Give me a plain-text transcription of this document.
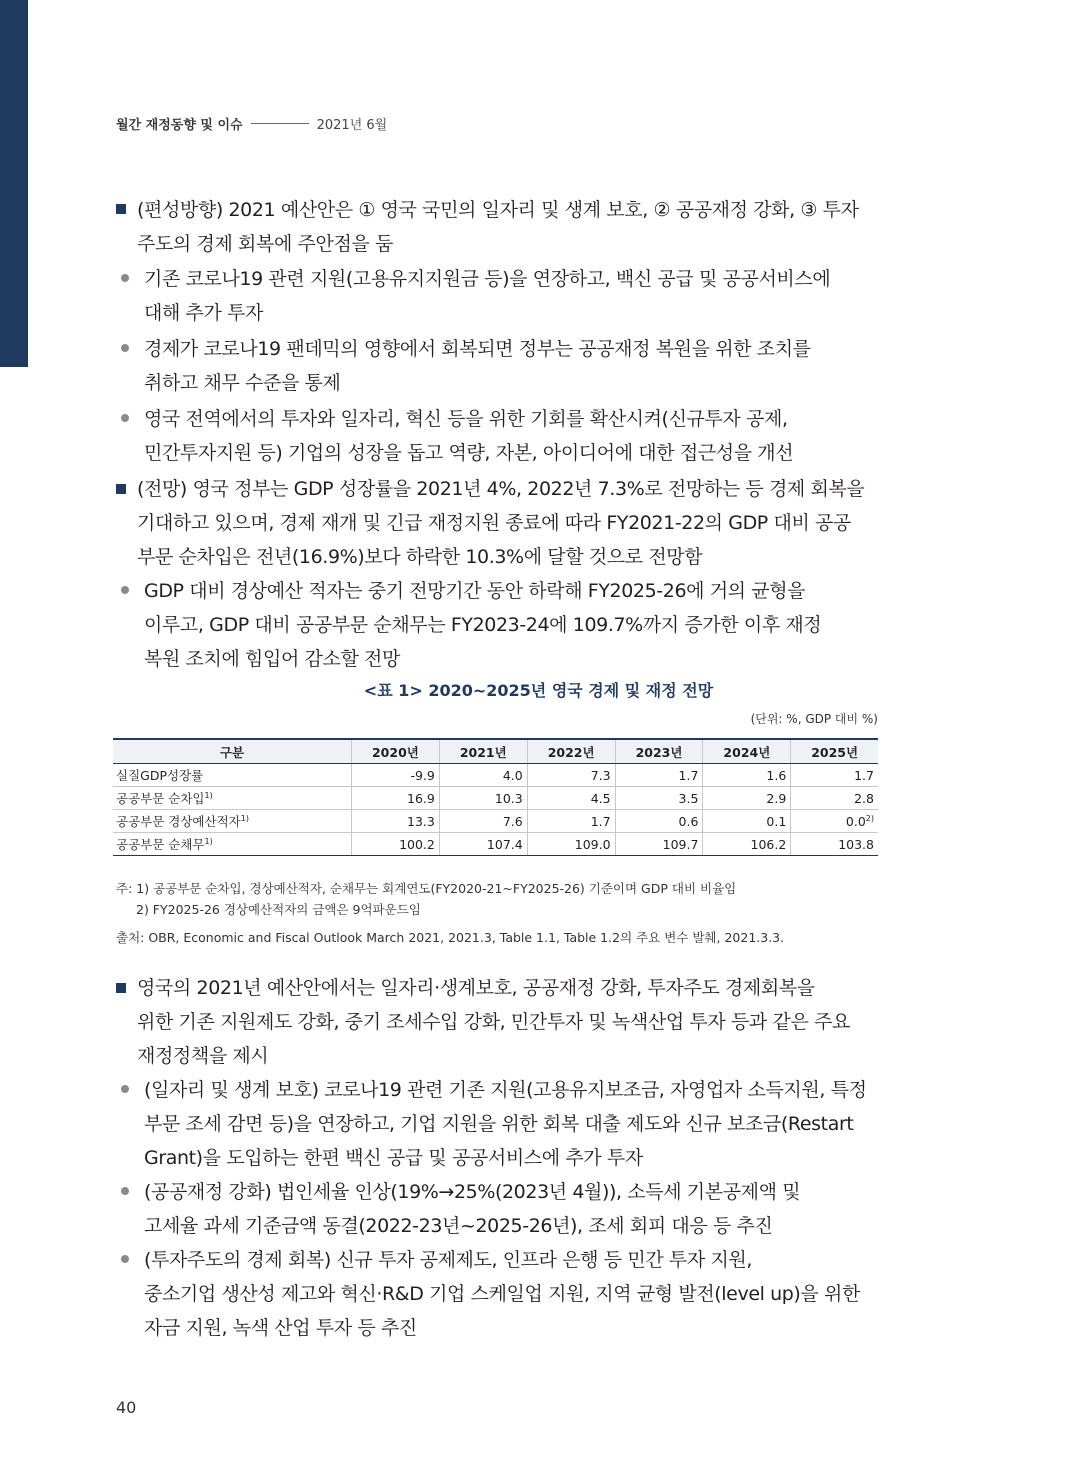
월간 재정동향 및 이슈	2021년 6월
(편성방향) 2021 예산안은 ① 영국 국민의 일자리 및 생계 보호, ② 공공재정 강화, ③ 투자
주도의 경제 회복에 주안점을 둠
기존 코로나19 관련 지원(고용유지지원금 등)을 연장하고, 백신 공급 및 공공서비스에
대해 추가 투자
경제가 코로나19 팬데믹의 영향에서 회복되면 정부는 공공재정 복원을 위한 조치를
취하고 채무 수준을 통제
영국 전역에서의 투자와 일자리, 혁신 등을 위한 기회를 확산시켜(신규투자 공제,
민간투자지원 등) 기업의 성장을 돕고 역량, 자본, 아이디어에 대한 접근성을 개선
(전망) 영국 정부는 GDP 성장률을 2021년 4%, 2022년 7.3%로 전망하는 등 경제 회복을
기대하고 있으며, 경제 재개 및 긴급 재정지원 종료에 따라 FY2021-22의 GDP 대비 공공
부문 순차입은 전년(16.9%)보다 하락한 10.3%에 달할 것으로 전망함
GDP 대비 경상예산 적자는 중기 전망기간 동안 하락해 FY2025-26에 거의 균형을
이루고, GDP 대비 공공부문 순채무는 FY2023-24에 109.7%까지 증가한 이후 재정
복원 조치에 힘입어 감소할 전망
<표 1> 2020~2025년 영국 경제 및 재정 전망
(단위: %, GDP 대비 %)
구분	2020년	2021년	2022년	2023년	2024년	2025년
실질GDP성장률	-9.9	4.0	7.3	1.7	1.6	1.7
공공부문 순차입$^{1)}$	16.9	10.3	4.5	3.5	2.9	2.8
공공부문 경상예산적자$^{1)}$	13.3	7.6	1.7	0.6	0.1	0.0$^{2)}$
공공부문 순채무$^{1)}$	100.2	107.4	109.0	109.7	106.2	103.8
주: 1) 공공부문 순차입, 경상예산적자, 순채무는 회계연도(FY2020-21~FY2025-26) 기준이며 GDP 대비 비율임
2) FY2025-26 경상예산적자의 금액은 9억파운드임
출처: OBR, Economic and Fiscal Outlook March 2021, 2021.3, Table 1.1, Table 1.2의 주요 변수 발췌, 2021.3.3.
영국의 2021년 예산안에서는 일자리·생계보호, 공공재정 강화, 투자주도 경제회복을
위한 기존 지원제도 강화, 중기 조세수입 강화, 민간투자 및 녹색산업 투자 등과 같은 주요
재정정책을 제시
(일자리 및 생계 보호) 코로나19 관련 기존 지원(고용유지보조금, 자영업자 소득지원, 특정
부문 조세 감면 등)을 연장하고, 기업 지원을 위한 회복 대출 제도와 신규 보조금(Restart
Grant)을 도입하는 한편 백신 공급 및 공공서비스에 추가 투자
(공공재정 강화) 법인세율 인상(19%→25%(2023년 4월)), 소득세 기본공제액 및
고세율 과세 기준금액 동결(2022-23년~2025-26년), 조세 회피 대응 등 추진
(투자주도의 경제 회복) 신규 투자 공제제도, 인프라 은행 등 민간 투자 지원,
중소기업 생산성 제고와 혁신·R&D 기업 스케일업 지원, 지역 균형 발전(level up)을 위한
자금 지원, 녹색 산업 투자 등 추진
40
